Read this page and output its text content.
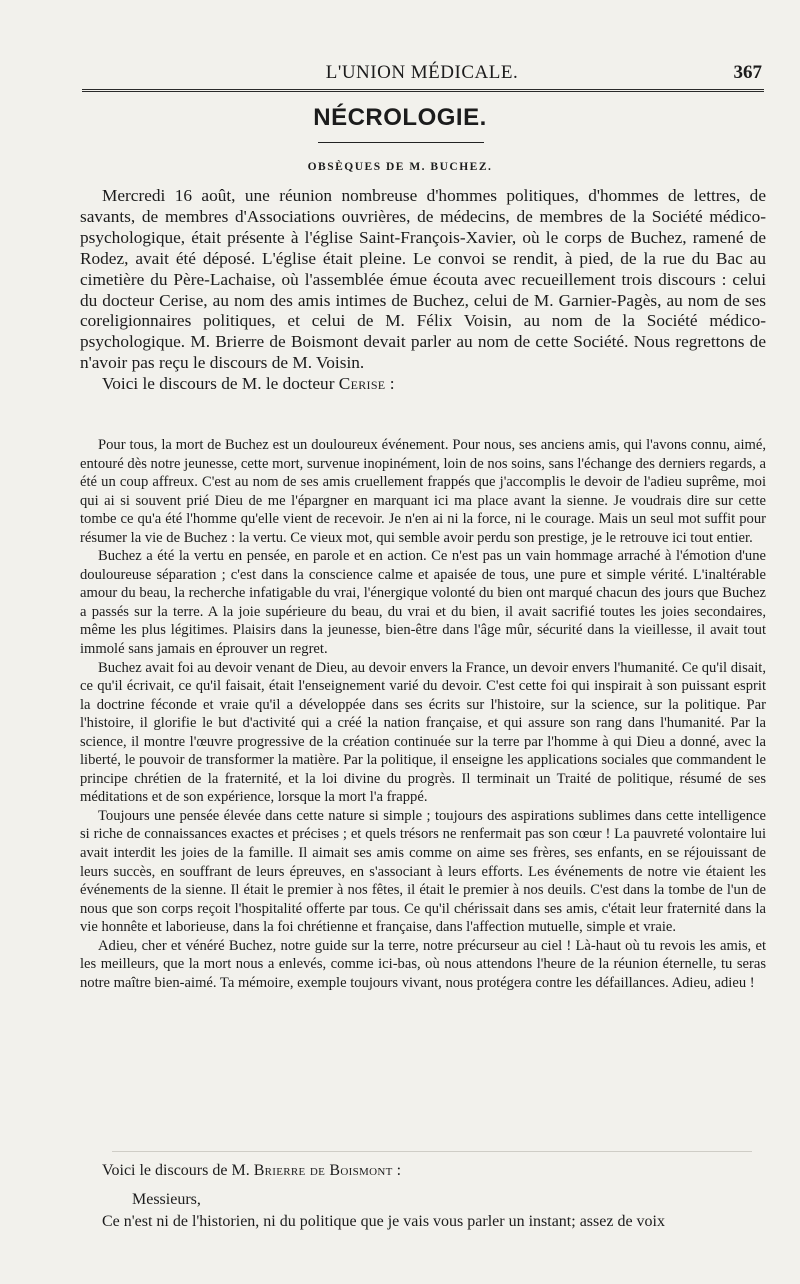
L'UNION MÉDICALE.	367
NÉCROLOGIE.
OBSÈQUES DE M. BUCHEZ.

Mercredi 16 août, une réunion nombreuse d'hommes politiques, d'hommes de lettres, de savants, de membres d'Associations ouvrières, de médecins, de membres de la Société médico-psychologique, était présente à l'église Saint-François-Xavier, où le corps de Buchez, ramené de Rodez, avait été déposé. L'église était pleine. Le convoi se rendit, à pied, de la rue du Bac au cimetière du Père-Lachaise, où l'assemblée émue écouta avec recueillement trois discours : celui du docteur Cerise, au nom des amis intimes de Buchez, celui de M. Garnier-Pagès, au nom de ses coreligionnaires politiques, et celui de M. Félix Voisin, au nom de la Société médico-psychologique. M. Brierre de Boismont devait parler au nom de cette Société. Nous regrettons de n'avoir pas reçu le discours de M. Voisin.

Voici le discours de M. le docteur Cerise :

Pour tous, la mort de Buchez est un douloureux événement. Pour nous, ses anciens amis, qui l'avons connu, aimé, entouré dès notre jeunesse, cette mort, survenue inopinément, loin de nos soins, sans l'échange des derniers regards, a été un coup affreux. C'est au nom de ses amis cruellement frappés que j'accomplis le devoir de l'adieu suprême, moi qui ai si souvent prié Dieu de me l'épargner en marquant ici ma place avant la sienne. Je voudrais dire sur cette tombe ce qu'a été l'homme qu'elle vient de recevoir. Je n'en ai ni la force, ni le courage. Mais un seul mot suffit pour résumer la vie de Buchez : la vertu. Ce vieux mot, qui semble avoir perdu son prestige, je le retrouve ici tout entier.

Buchez a été la vertu en pensée, en parole et en action. Ce n'est pas un vain hommage arraché à l'émotion d'une douloureuse séparation ; c'est dans la conscience calme et apaisée de tous, une pure et simple vérité. L'inaltérable amour du beau, la recherche infatigable du vrai, l'énergique volonté du bien ont marqué chacun des jours que Buchez a passés sur la terre. A la joie supérieure du beau, du vrai et du bien, il avait sacrifié toutes les joies secondaires, même les plus légitimes. Plaisirs dans la jeunesse, bien-être dans l'âge mûr, sécurité dans la vieillesse, il avait tout immolé sans jamais en éprouver un regret.

Buchez avait foi au devoir venant de Dieu, au devoir envers la France, un devoir envers l'humanité. Ce qu'il disait, ce qu'il écrivait, ce qu'il faisait, était l'enseignement varié du devoir. C'est cette foi qui inspirait à son puissant esprit la doctrine féconde et vraie qu'il a développée dans ses écrits sur l'histoire, sur la science, sur la politique. Par l'histoire, il glorifie le but d'activité qui a créé la nation française, et qui assure son rang dans l'humanité. Par la science, il montre l'œuvre progressive de la création continuée sur la terre par l'homme à qui Dieu a donné, avec la liberté, le pouvoir de transformer la matière. Par la politique, il enseigne les applications sociales que commandent le principe chrétien de la fraternité, et la loi divine du progrès. Il terminait un Traité de politique, résumé de ses méditations et de son expérience, lorsque la mort l'a frappé.

Toujours une pensée élevée dans cette nature si simple ; toujours des aspirations sublimes dans cette intelligence si riche de connaissances exactes et précises ; et quels trésors ne renfermait pas son cœur ! La pauvreté volontaire lui avait interdit les joies de la famille. Il aimait ses amis comme on aime ses frères, ses enfants, en se réjouissant de leurs succès, en souffrant de leurs épreuves, en s'associant à leurs efforts. Les événements de notre vie étaient les événements de la sienne. Il était le premier à nos fêtes, il était le premier à nos deuils. C'est dans la tombe de l'un de nous que son corps reçoit l'hospitalité offerte par tous. Ce qu'il chérissait dans ses amis, c'était leur fraternité dans la vie honnête et laborieuse, dans la foi chrétienne et française, dans l'affection mutuelle, simple et vraie.

Adieu, cher et vénéré Buchez, notre guide sur la terre, notre précurseur au ciel ! Là-haut où tu revois les amis, et les meilleurs, que la mort nous a enlevés, comme ici-bas, où nous attendons l'heure de la réunion éternelle, tu seras notre maître bien-aimé. Ta mémoire, exemple toujours vivant, nous protégera contre les défaillances. Adieu, adieu !

Voici le discours de M. Brierre de Boismont :

Messieurs,

Ce n'est ni de l'historien, ni du politique que je vais vous parler un instant; assez de voix
